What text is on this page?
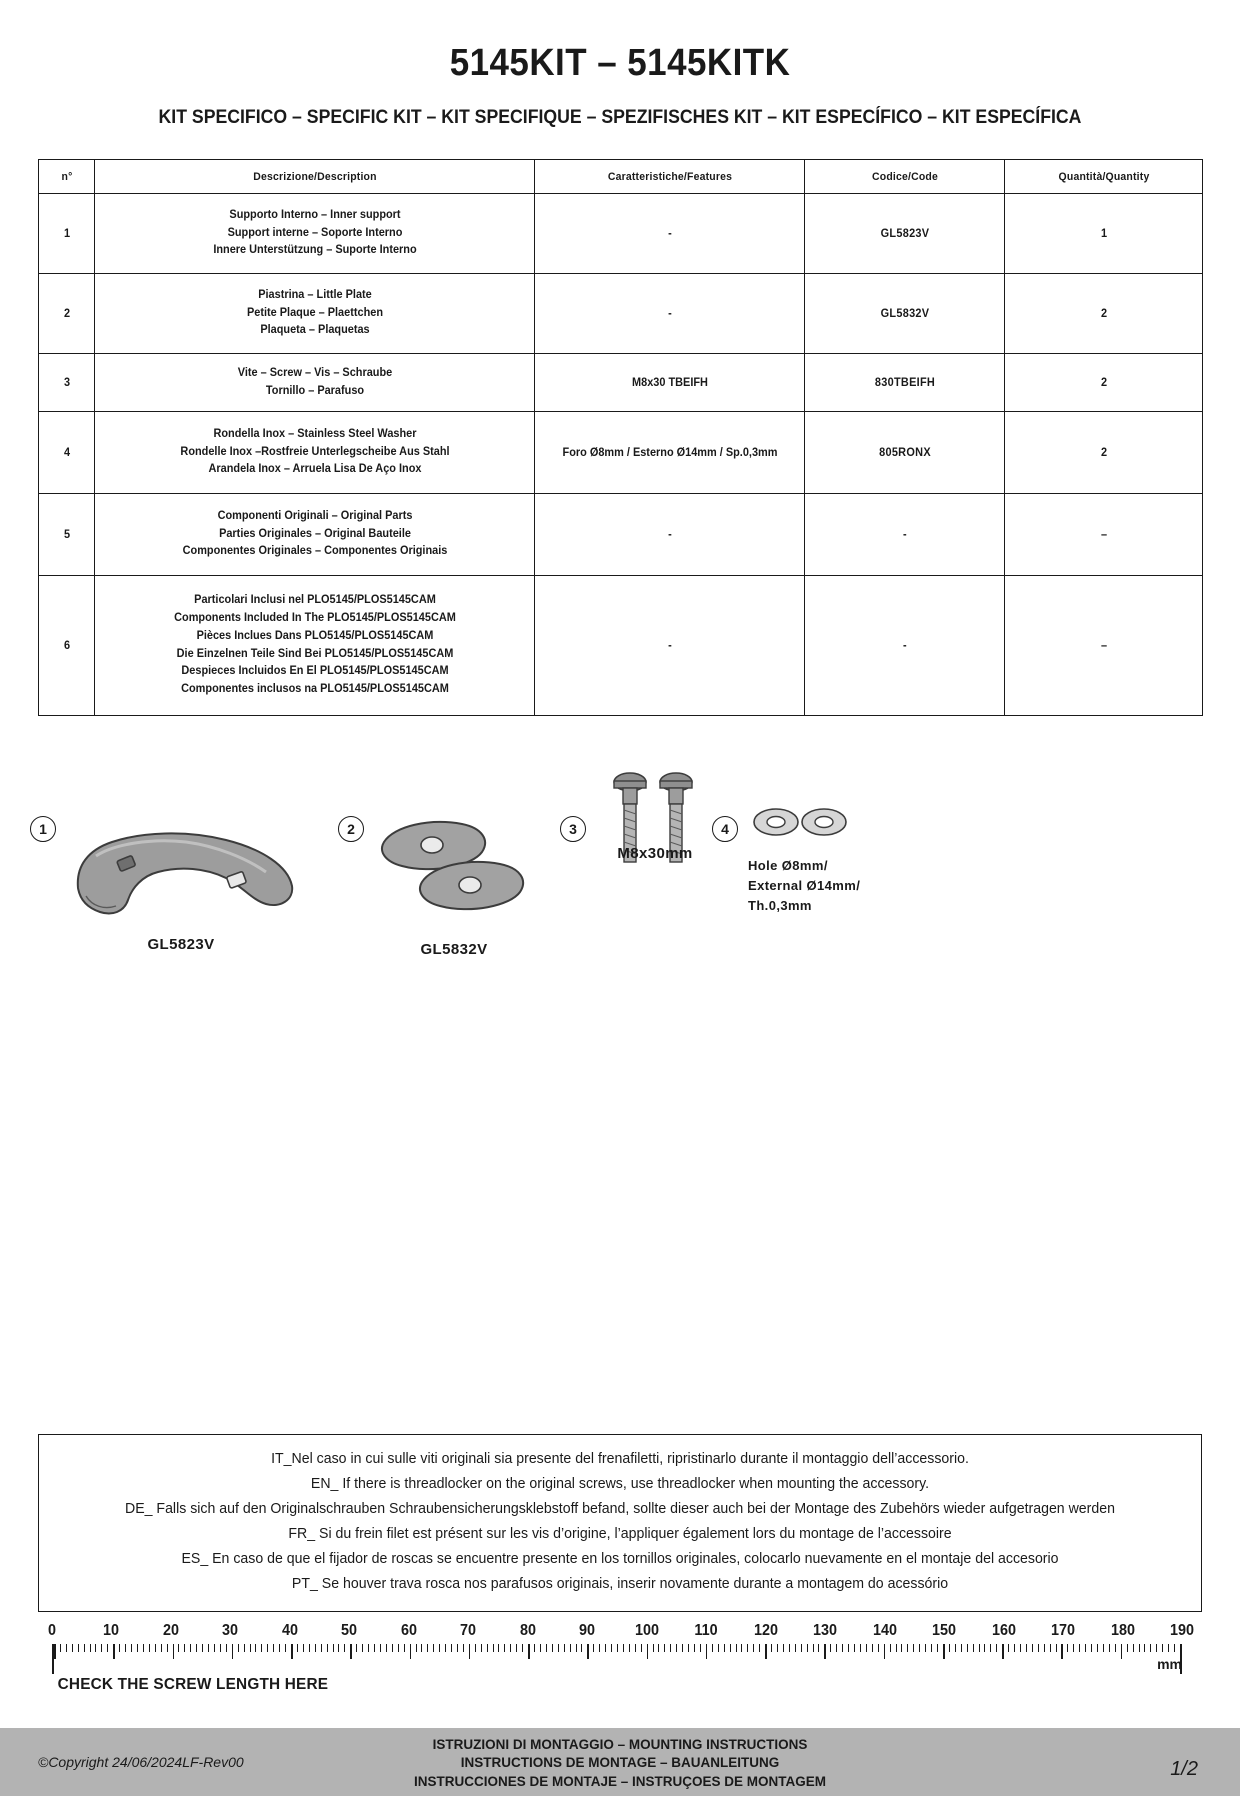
5145KIT – 5145KITK
KIT SPECIFICO – SPECIFIC KIT – KIT SPECIFIQUE – SPEZIFISCHES KIT – KIT ESPECÍFICO – KIT ESPECÍFICA
n°	Descrizione/Description	Caratteristiche/Features	Codice/Code	Quantità/Quantity
1	Supporto Interno – Inner support
Support interne – Soporte Interno
Innere Unterstützung – Suporte Interno	-	GL5823V	1
2	Piastrina – Little Plate
Petite Plaque – Plaettchen
Plaqueta – Plaquetas	-	GL5832V	2
3	Vite – Screw – Vis – Schraube
Tornillo – Parafuso	M8x30 TBEIFH	830TBEIFH	2
4	Rondella Inox – Stainless Steel Washer
Rondelle Inox –Rostfreie Unterlegscheibe Aus Stahl
Arandela Inox – Arruela Lisa De Aço Inox	Foro Ø8mm / Esterno Ø14mm / Sp.0,3mm	805RONX	2
5	Componenti Originali – Original Parts
Parties Originales – Original Bauteile
Componentes Originales – Componentes Originais	-	-	–
6	
Particolari Inclusi nel PLO5145/PLOS5145CAM
Components Included In The PLO5145/PLOS5145CAM
Pièces Inclues Dans PLO5145/PLOS5145CAM
Die Einzelnen Teile Sind Bei PLO5145/PLOS5145CAM
Despieces Incluidos En El PLO5145/PLOS5145CAM
Componentes inclusos na PLO5145/PLOS5145CAM
	-	-	–
1
GL5823V
2
GL5832V
3
M8x30mm
4
Hole Ø8mm/
External Ø14mm/
Th.0,3mm
IT_Nel caso in cui sulle viti originali sia presente del frenafiletti, ripristinarlo durante il montaggio dell’accessorio.
EN_ If there is threadlocker on the original screws, use threadlocker when mounting the accessory.
DE_ Falls sich auf den Originalschrauben Schraubensicherungsklebstoff befand, sollte dieser auch bei der Montage des Zubehörs wieder aufgetragen werden
FR_ Si du frein filet est présent sur les vis d’origine, l’appliquer également lors du montage de l’accessoire
ES_ En caso de que el fijador de roscas se encuentre presente en los tornillos originales, colocarlo nuevamente en el montaje del accesorio
PT_ Se houver trava rosca nos parafusos originais, inserir novamente durante a montagem do acessório
0	10	20	30	40	50	60	70	80	90 100 110 120 130 140 150 160 170 180 190
CHECK THE SCREW LENGTH HERE
mm
©Copyright 24/06/2024LF-Rev00
ISTRUZIONI DI MONTAGGIO – MOUNTING INSTRUCTIONS
INSTRUCTIONS DE MONTAGE – BAUANLEITUNG
INSTRUCCIONES DE MONTAJE – INSTRUÇOES DE MONTAGEM
1/2
